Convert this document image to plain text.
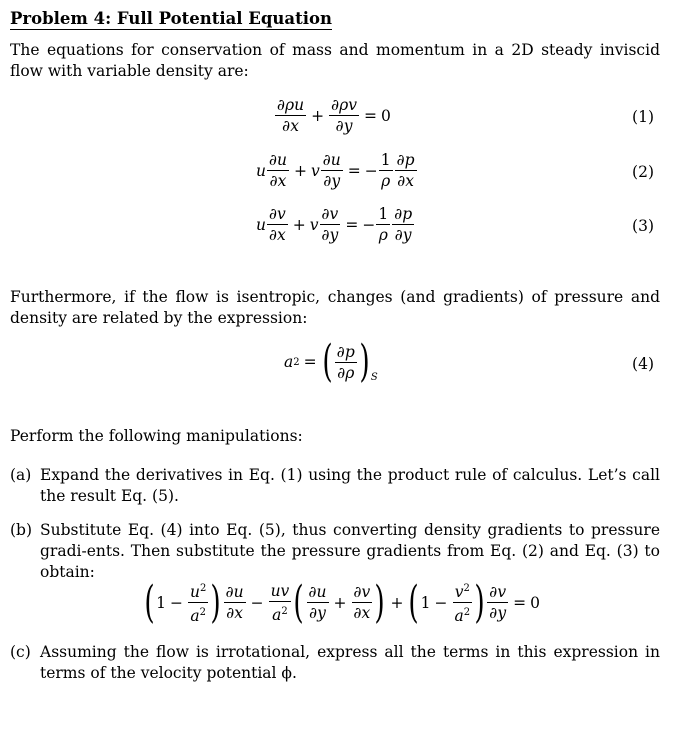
Problem 4: Full Potential Equation
The equations for conservation of mass and momentum in a 2D steady inviscid flow with variable density are:
$\frac{\partial\rho u}{\partial x} + \frac{\partial\rho v}{\partial y} = 0$	(1)
u $\frac{\partial u}{\partial x} + v \frac{\partial u}{\partial y}$ = − $\frac{1}{\rho} \frac{\partial p}{\partial x}$	(2)
u $\frac{\partial v}{\partial x} + v \frac{\partial v}{\partial y}$ = − $\frac{1}{\rho} \frac{\partial p}{\partial y}$	(3)
Furthermore, if the flow is isentropic, changes (and gradients) of pressure and density are related by the expression:
a 2 = ( $\frac{\partial p}{\partial\rho} )_S$
(4)
Perform the following manipulations:
(a) Expand the derivatives in Eq. (1) using the product rule of calculus. Let’s call the result Eq. (5).
(b) Substitute Eq. (4) into Eq. (5), thus converting density gradients to pressure gradi-ents. Then substitute the pressure gradients from Eq. (2) and Eq. (3) to obtain:
( $1 - \frac{u^2}{a^2}$ ) $\frac{\partial u}{\partial x} - \frac{uv}{a^2}$ ( $\frac{\partial u}{\partial y} + \frac{\partial v}{\partial x}$ ) + ( $1 - \frac{v^2}{a^2}$ ) $\frac{\partial v}{\partial y} = 0$
(c) Assuming the flow is irrotational, express all the terms in this expression in terms of the velocity potential ϕ.
